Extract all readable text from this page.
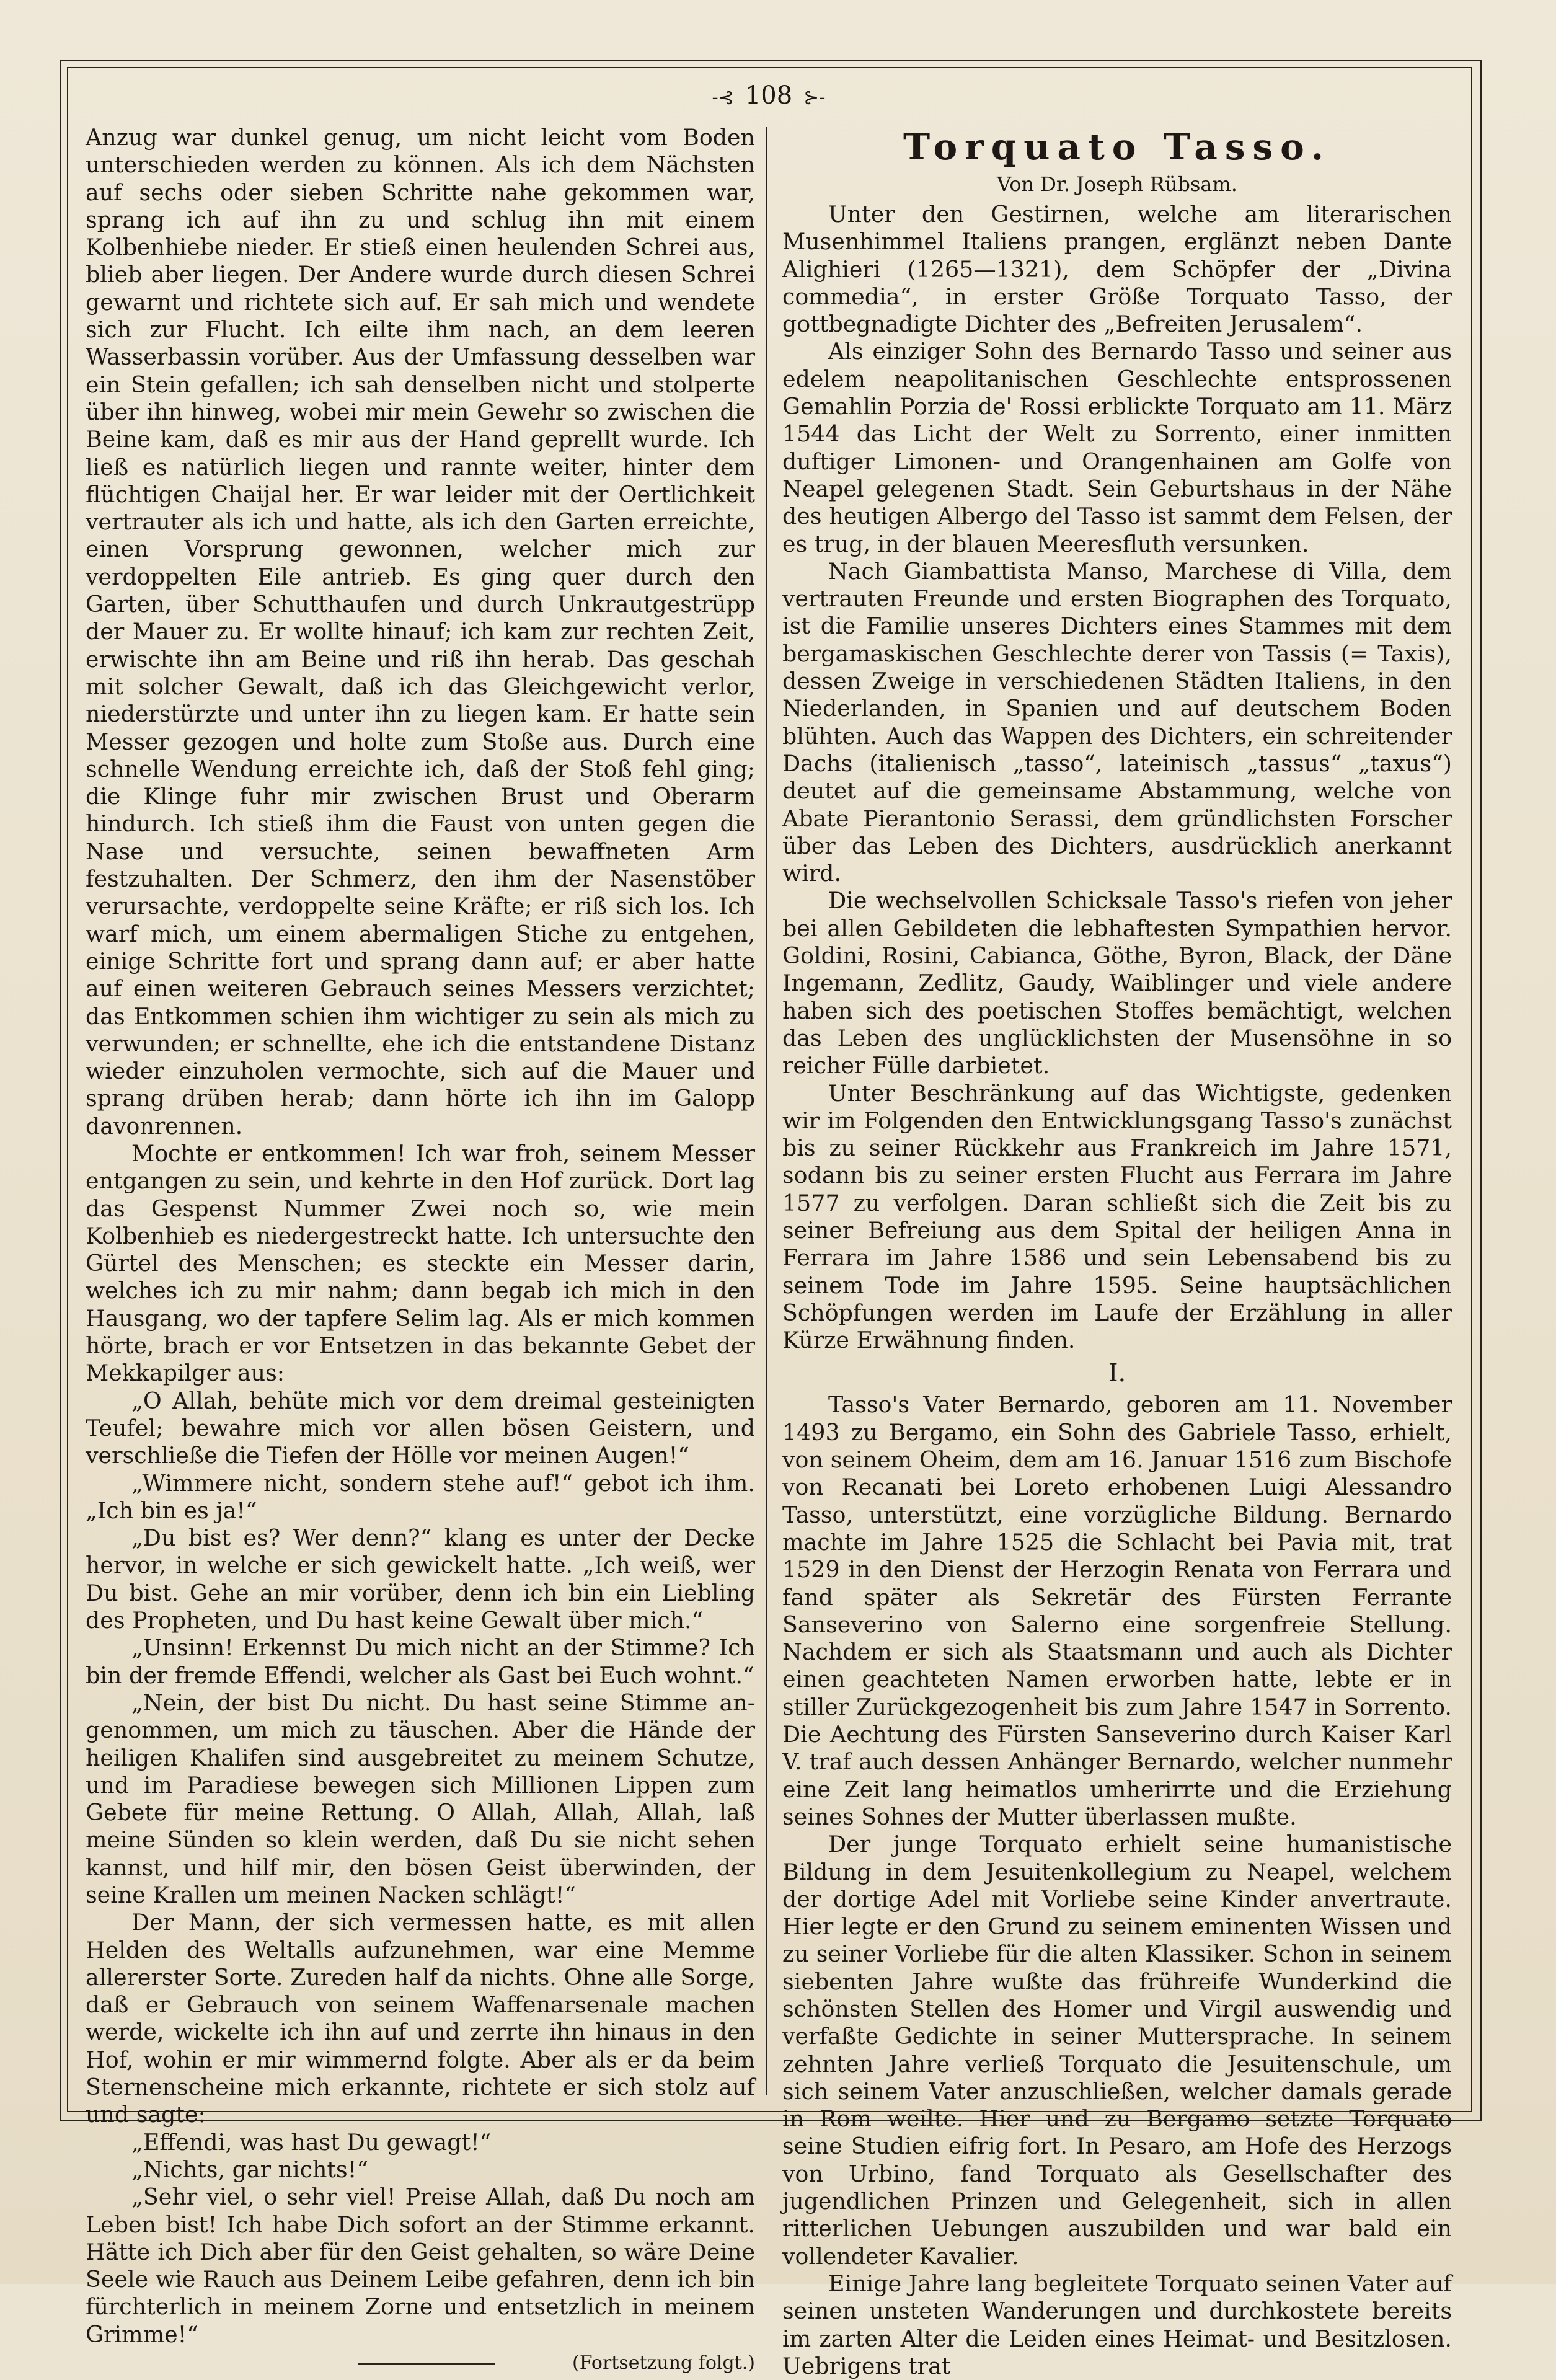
-⊰ 108 ⊱-

Anzug war dunkel genug, um nicht leicht vom Boden unterschieden werden zu können. Als ich dem Nächsten auf sechs oder sieben Schritte nahe gekommen war, sprang ich auf ihn zu und schlug ihn mit einem Kolbenhiebe nieder. Er stieß einen heulenden Schrei aus, blieb aber liegen. Der Andere wurde durch diesen Schrei gewarnt und richtete sich auf. Er sah mich und wendete sich zur Flucht. Ich eilte ihm nach, an dem leeren Wasserbassin vorüber. Aus der Umfassung desselben war ein Stein gefallen; ich sah denselben nicht und stolperte über ihn hinweg, wobei mir mein Gewehr so zwischen die Beine kam, daß es mir aus der Hand geprellt wurde. Ich ließ es natürlich liegen und rannte weiter, hinter dem flüchtigen Chaijal her. Er war leider mit der Oertlichkeit vertrauter als ich und hatte, als ich den Garten erreichte, einen Vorsprung gewonnen, welcher mich zur verdoppelten Eile antrieb. Es ging quer durch den Garten, über Schutthaufen und durch Unkrautgestrüpp der Mauer zu. Er wollte hinauf; ich kam zur rechten Zeit, erwischte ihn am Beine und riß ihn herab. Das geschah mit solcher Gewalt, daß ich das Gleichgewicht verlor, niederstürzte und unter ihn zu liegen kam. Er hatte sein Messer gezogen und holte zum Stoße aus. Durch eine schnelle Wendung erreichte ich, daß der Stoß fehl ging; die Klinge fuhr mir zwischen Brust und Oberarm hindurch. Ich stieß ihm die Faust von unten gegen die Nase und versuchte, seinen bewaffneten Arm festzuhalten. Der Schmerz, den ihm der Nasenstöber verursachte, verdoppelte seine Kräfte; er riß sich los. Ich warf mich, um einem abermaligen Stiche zu entgehen, einige Schritte fort und sprang dann auf; er aber hatte auf einen weiteren Gebrauch seines Messers verzichtet; das Entkommen schien ihm wichtiger zu sein als mich zu verwunden; er schnellte, ehe ich die entstandene Distanz wieder einzuholen vermochte, sich auf die Mauer und sprang drüben herab; dann hörte ich ihn im Galopp davonrennen.

Mochte er entkommen! Ich war froh, seinem Messer entgangen zu sein, und kehrte in den Hof zurück. Dort lag das Gespenst Nummer Zwei noch so, wie mein Kolbenhieb es niedergestreckt hatte. Ich untersuchte den Gürtel des Menschen; es steckte ein Messer darin, welches ich zu mir nahm; dann begab ich mich in den Hausgang, wo der tapfere Selim lag. Als er mich kommen hörte, brach er vor Entsetzen in das bekannte Gebet der Mekkapilger aus:

„O Allah, behüte mich vor dem dreimal gesteinigten Teufel; bewahre mich vor allen bösen Geistern, und verschließe die Tiefen der Hölle vor meinen Augen!“

„Wimmere nicht, sondern stehe auf!“ gebot ich ihm. „Ich bin es ja!“

„Du bist es? Wer denn?“ klang es unter der Decke hervor, in welche er sich gewickelt hatte. „Ich weiß, wer Du bist. Gehe an mir vorüber, denn ich bin ein Liebling des Propheten, und Du hast keine Gewalt über mich.“

„Unsinn! Erkennst Du mich nicht an der Stimme? Ich bin der fremde Effendi, welcher als Gast bei Euch wohnt.“

„Nein, der bist Du nicht. Du hast seine Stimme angenommen, um mich zu täuschen. Aber die Hände der heiligen Khalifen sind ausgebreitet zu meinem Schutze, und im Paradiese bewegen sich Millionen Lippen zum Gebete für meine Rettung. O Allah, Allah, Allah, laß meine Sünden so klein werden, daß Du sie nicht sehen kannst, und hilf mir, den bösen Geist überwinden, der seine Krallen um meinen Nacken schlägt!“

Der Mann, der sich vermessen hatte, es mit allen Helden des Weltalls aufzunehmen, war eine Memme allererster Sorte. Zureden half da nichts. Ohne alle Sorge, daß er Gebrauch von seinem Waffenarsenale machen werde, wickelte ich ihn auf und zerrte ihn hinaus in den Hof, wohin er mir wimmernd folgte. Aber als er da beim Sternenscheine mich erkannte, richtete er sich stolz auf und sagte:

„Effendi, was hast Du gewagt!“

„Nichts, gar nichts!“

„Sehr viel, o sehr viel! Preise Allah, daß Du noch am Leben bist! Ich habe Dich sofort an der Stimme erkannt. Hätte ich Dich aber für den Geist gehalten, so wäre Deine Seele wie Rauch aus Deinem Leibe gefahren, denn ich bin fürchterlich in meinem Zorne und entsetzlich in meinem Grimme!“

(Fortsetzung folgt.)
Torquato Tasso.
Von Dr. Joseph Rübsam.

Unter den Gestirnen, welche am literarischen Musenhimmel Italiens prangen, erglänzt neben Dante Alighieri (1265—1321), dem Schöpfer der „Divina commedia“, in erster Größe Torquato Tasso, der gottbegnadigte Dichter des „Befreiten Jerusalem“.

Als einziger Sohn des Bernardo Tasso und seiner aus edelem neapolitanischen Geschlechte entsprossenen Gemahlin Porzia de' Rossi erblickte Torquato am 11. März 1544 das Licht der Welt zu Sorrento, einer inmitten duftiger Limonen- und Orangenhainen am Golfe von Neapel gelegenen Stadt. Sein Geburtshaus in der Nähe des heutigen Albergo del Tasso ist sammt dem Felsen, der es trug, in der blauen Meeresfluth versunken.

Nach Giambattista Manso, Marchese di Villa, dem vertrauten Freunde und ersten Biographen des Torquato, ist die Familie unseres Dichters eines Stammes mit dem bergamaskischen Geschlechte derer von Tassis (= Taxis), dessen Zweige in verschiedenen Städten Italiens, in den Niederlanden, in Spanien und auf deutschem Boden blühten. Auch das Wappen des Dichters, ein schreitender Dachs (italienisch „tasso“, lateinisch „tassus“ „taxus“) deutet auf die gemeinsame Abstammung, welche von Abate Pierantonio Serassi, dem gründlichsten Forscher über das Leben des Dichters, ausdrücklich anerkannt wird.

Die wechselvollen Schicksale Tasso's riefen von jeher bei allen Gebildeten die lebhaftesten Sympathien hervor. Goldini, Rosini, Cabianca, Göthe, Byron, Black, der Däne Ingemann, Zedlitz, Gaudy, Waiblinger und viele andere haben sich des poetischen Stoffes bemächtigt, welchen das Leben des unglücklichsten der Musensöhne in so reicher Fülle darbietet.

Unter Beschränkung auf das Wichtigste, gedenken wir im Folgenden den Entwicklungsgang Tasso's zunächst bis zu seiner Rückkehr aus Frankreich im Jahre 1571, sodann bis zu seiner ersten Flucht aus Ferrara im Jahre 1577 zu verfolgen. Daran schließt sich die Zeit bis zu seiner Befreiung aus dem Spital der heiligen Anna in Ferrara im Jahre 1586 und sein Lebensabend bis zu seinem Tode im Jahre 1595. Seine hauptsächlichen Schöpfungen werden im Laufe der Erzählung in aller Kürze Erwähnung finden.

I.

Tasso's Vater Bernardo, geboren am 11. November 1493 zu Bergamo, ein Sohn des Gabriele Tasso, erhielt, von seinem Oheim, dem am 16. Januar 1516 zum Bischofe von Recanati bei Loreto erhobenen Luigi Alessandro Tasso, unterstützt, eine vorzügliche Bildung. Bernardo machte im Jahre 1525 die Schlacht bei Pavia mit, trat 1529 in den Dienst der Herzogin Renata von Ferrara und fand später als Sekretär des Fürsten Ferrante Sanseverino von Salerno eine sorgenfreie Stellung. Nachdem er sich als Staatsmann und auch als Dichter einen geachteten Namen erworben hatte, lebte er in stiller Zurückgezogenheit bis zum Jahre 1547 in Sorrento. Die Aechtung des Fürsten Sanseverino durch Kaiser Karl V. traf auch dessen Anhänger Bernardo, welcher nunmehr eine Zeit lang heimatlos umherirrte und die Erziehung seines Sohnes der Mutter überlassen mußte.

Der junge Torquato erhielt seine humanistische Bildung in dem Jesuitenkollegium zu Neapel, welchem der dortige Adel mit Vorliebe seine Kinder anvertraute. Hier legte er den Grund zu seinem eminenten Wissen und zu seiner Vorliebe für die alten Klassiker. Schon in seinem siebenten Jahre wußte das frühreife Wunderkind die schönsten Stellen des Homer und Virgil auswendig und verfaßte Gedichte in seiner Muttersprache. In seinem zehnten Jahre verließ Torquato die Jesuitenschule, um sich seinem Vater anzuschließen, welcher damals gerade in Rom weilte. Hier und zu Bergamo setzte Torquato seine Studien eifrig fort. In Pesaro, am Hofe des Herzogs von Urbino, fand Torquato als Gesellschafter des jugendlichen Prinzen und Gelegenheit, sich in allen ritterlichen Uebungen auszubilden und war bald ein vollendeter Kavalier.

Einige Jahre lang begleitete Torquato seinen Vater auf seinen unsteten Wanderungen und durchkostete bereits im zarten Alter die Leiden eines Heimat- und Besitzlosen. Uebrigens trat
